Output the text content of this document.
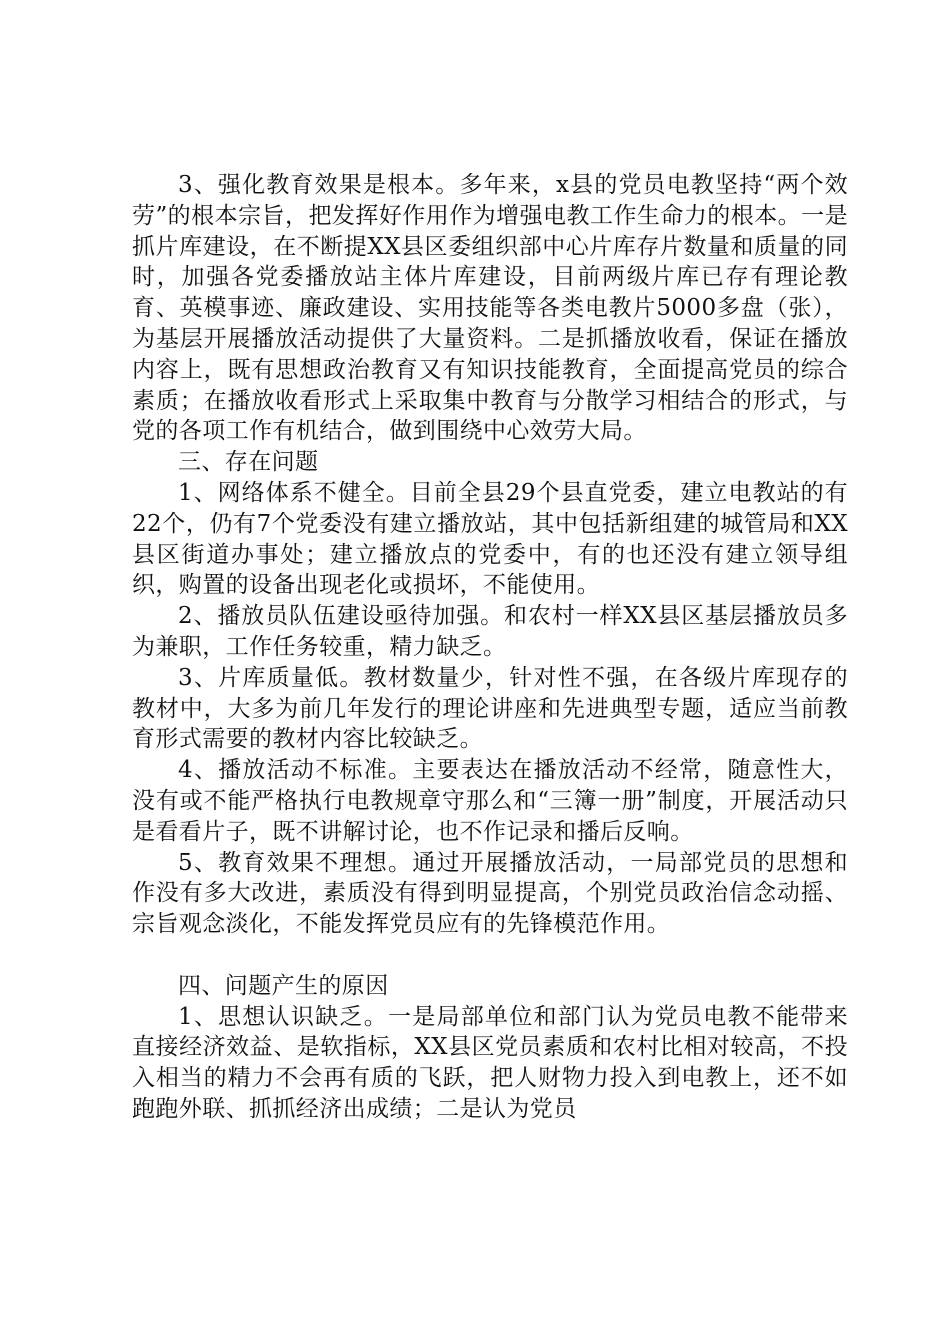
3、强化教育效果是根本。多年来，x县的党员电教坚持“两个效劳”的根本宗旨，把发挥好作用作为增强电教工作生命力的根本。一是抓片库建设，在不断提XX县区委组织部中心片库存片数量和质量的同时，加强各党委播放站主体片库建设，目前两级片库已存有理论教育、英模事迹、廉政建设、实用技能等各类电教片5000多盘（张），为基层开展播放活动提供了大量资料。二是抓播放收看，保证在播放内容上，既有思想政治教育又有知识技能教育，全面提高党员的综合素质；在播放收看形式上采取集中教育与分散学习相结合的形式，与党的各项工作有机结合，做到围绕中心效劳大局。

三、存在问题

1、网络体系不健全。目前全县29个县直党委，建立电教站的有22个，仍有7个党委没有建立播放站，其中包括新组建的城管局和XX县区街道办事处；建立播放点的党委中，有的也还没有建立领导组织，购置的设备出现老化或损坏，不能使用。

2、播放员队伍建设亟待加强。和农村一样XX县区基层播放员多为兼职，工作任务较重，精力缺乏。

3、片库质量低。教材数量少，针对性不强，在各级片库现存的教材中，大多为前几年发行的理论讲座和先进典型专题，适应当前教育形式需要的教材内容比较缺乏。

4、播放活动不标准。主要表达在播放活动不经常，随意性大，没有或不能严格执行电教规章守那么和“三簿一册”制度，开展活动只是看看片子，既不讲解讨论，也不作记录和播后反响。

5、教育效果不理想。通过开展播放活动，一局部党员的思想和作没有多大改进，素质没有得到明显提高，个别党员政治信念动摇、宗旨观念淡化，不能发挥党员应有的先锋模范作用。

四、问题产生的原因

1、思想认识缺乏。一是局部单位和部门认为党员电教不能带来直接经济效益、是软指标，XX县区党员素质和农村比相对较高，不投入相当的精力不会再有质的飞跃，把人财物力投入到电教上，还不如跑跑外联、抓抓经济出成绩；二是认为党员
